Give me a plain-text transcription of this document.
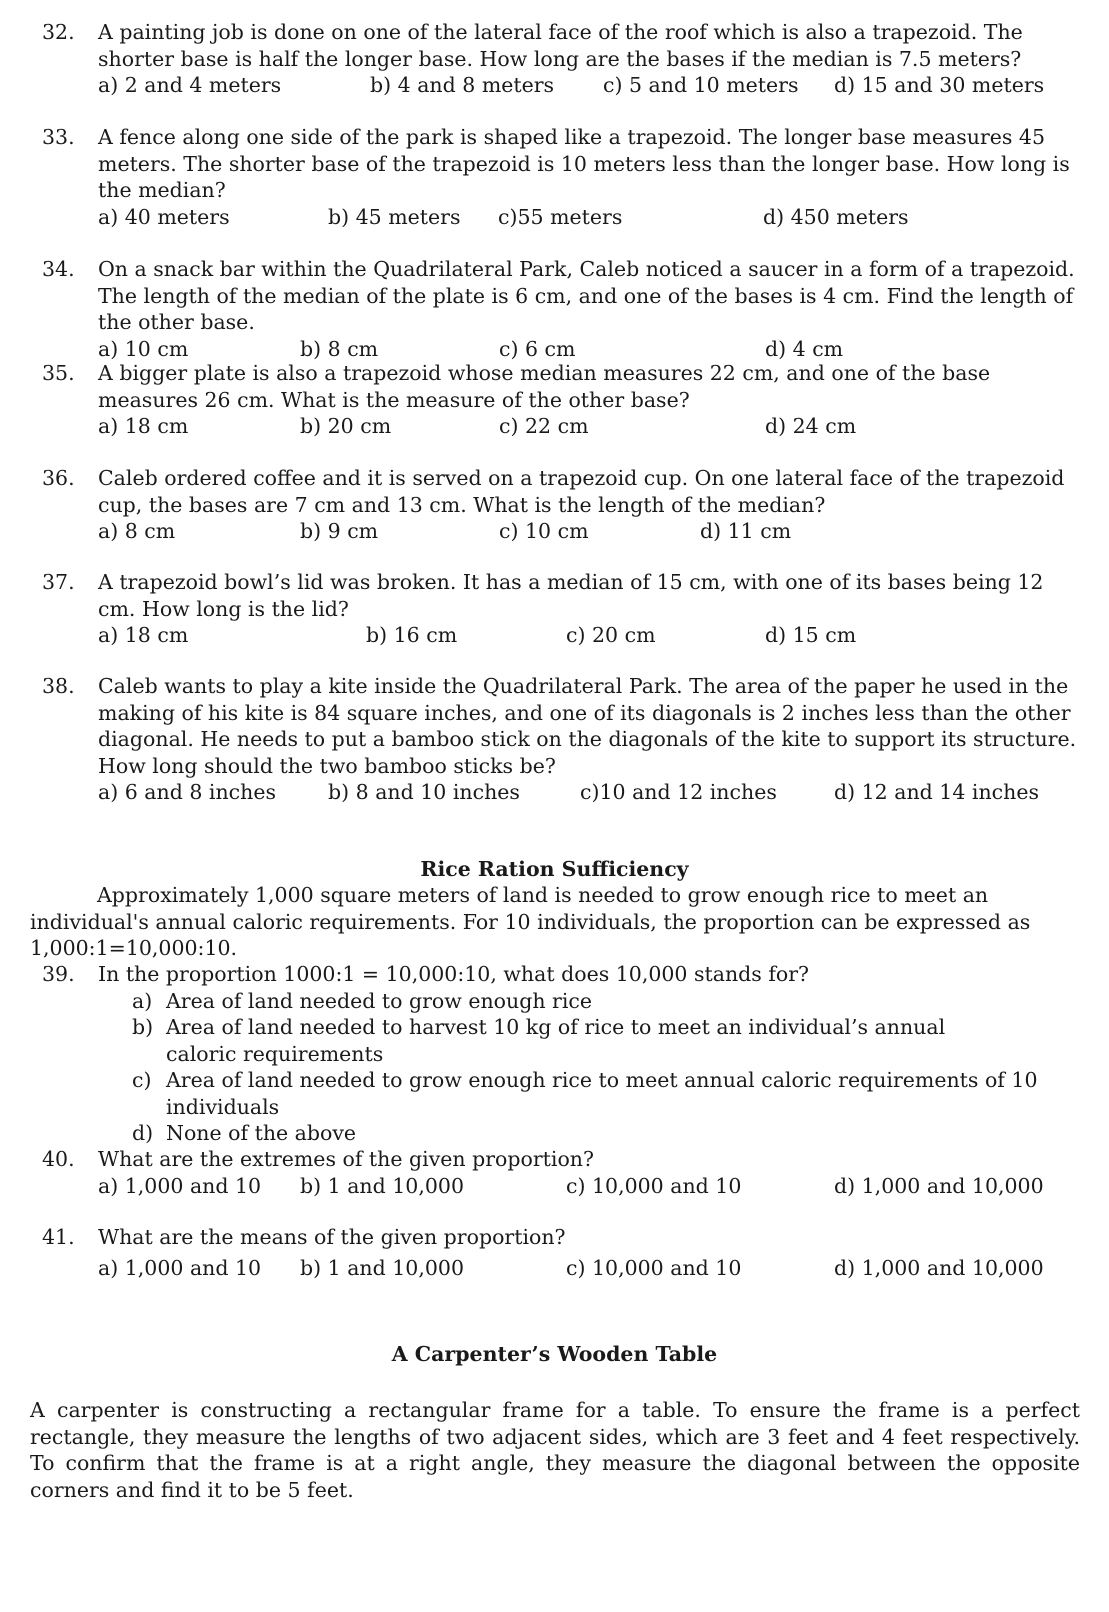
32. A painting job is done on one of the lateral face of the roof which is also a trapezoid. The shorter base is half the longer base. How long are the bases if the median is 7.5 meters?
a) 2 and 4 meters	b) 4 and 8 meters c) 5 and 10 meters d) 15 and 30 meters
33. A fence along one side of the park is shaped like a trapezoid. The longer base measures 45 meters. The shorter base of the trapezoid is 10 meters less than the longer base. How long is the median?
a) 40 meters	b) 45 meters c)55 meters	d) 450 meters
34. On a snack bar within the Quadrilateral Park, Caleb noticed a saucer in a form of a trapezoid. The length of the median of the plate is 6 cm, and one of the bases is 4 cm. Find the length of the other base.
a) 10 cm	b) 8 cm	c) 6 cm	d) 4 cm
35. A bigger plate is also a trapezoid whose median measures 22 cm, and one of the base measures 26 cm. What is the measure of the other base?
a) 18 cm	b) 20 cm	c) 22 cm	d) 24 cm
36. Caleb ordered coffee and it is served on a trapezoid cup. On one lateral face of the trapezoid cup, the bases are 7 cm and 13 cm. What is the length of the median?
a) 8 cm	b) 9 cm	c) 10 cm	d) 11 cm
37. A trapezoid bowl’s lid was broken. It has a median of 15 cm, with one of its bases being 12 cm. How long is the lid?
a) 18 cm	b) 16 cm	c) 20 cm	d) 15 cm
38. Caleb wants to play a kite inside the Quadrilateral Park. The area of the paper he used in the making of his kite is 84 square inches, and one of its diagonals is 2 inches less than the other diagonal. He needs to put a bamboo stick on the diagonals of the kite to support its structure. How long should the two bamboo sticks be?
a) 6 and 8 inches	b) 8 and 10 inches	c)10 and 12 inches	d) 12 and 14 inches
Rice Ration Sufficiency
Approximately 1,000 square meters of land is needed to grow enough rice to meet an individual's annual caloric requirements. For 10 individuals, the proportion can be expressed as 1,000:1=10,000:10.
39. In the proportion 1000:1 = 10,000:10, what does 10,000 stands for?
a) Area of land needed to grow enough rice
b) Area of land needed to harvest 10 kg of rice to meet an individual’s annual caloric requirements
c) Area of land needed to grow enough rice to meet annual caloric requirements of 10 individuals
d) None of the above
40. What are the extremes of the given proportion?
a) 1,000 and 10 b) 1 and 10,000	c) 10,000 and 10	d) 1,000 and 10,000
41. What are the means of the given proportion?
a) 1,000 and 10 b) 1 and 10,000	c) 10,000 and 10	d) 1,000 and 10,000
A Carpenter’s Wooden Table
A carpenter is constructing a rectangular frame for a table. To ensure the frame is a perfect rectangle, they measure the lengths of two adjacent sides, which are 3 feet and 4 feet respectively. To confirm that the frame is at a right angle, they measure the diagonal between the opposite corners and find it to be 5 feet.
